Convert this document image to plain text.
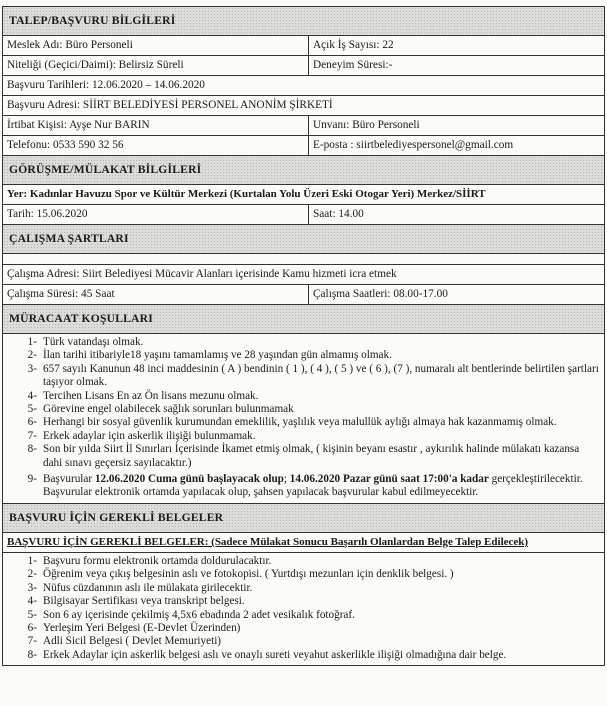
TALEP/BAŞVURU BİLGİLERİ
Meslek Adı: Büro Personeli	Açık İş Sayısı: 22
Niteliği (Geçici/Daimi): Belirsiz Süreli	Deneyim Süresi:-
Başvuru Tarihleri: 12.06.2020 – 14.06.2020
Başvuru Adresi: SİİRT BELEDİYESİ PERSONEL ANONİM ŞİRKETİ
İrtibat Kişisi: Ayşe Nur BARIN	Unvanı: Büro Personeli
Telefonu: 0533 590 32 56	E-posta : siirtbelediyespersonel@gmail.com
GÖRÜŞME/MÜLAKAT BİLGİLERİ
Yer: Kadınlar Havuzu Spor ve Kültür Merkezi (Kurtalan Yolu Üzeri Eski Otogar Yeri) Merkez/SİİRT
Tarih: 15.06.2020	Saat: 14.00
ÇALIŞMA ŞARTLARI
Çalışma Adresi: Siirt Belediyesi Mücavir Alanları içerisinde Kamu hizmeti icra etmek
Çalışma Süresi: 45 Saat	Çalışma Saatleri: 08.00-17.00
MÜRACAAT KOŞULLARI
1- Türk vatandaşı olmak.
2- İlan tarihi itibariyle18 yaşını tamamlamış ve 28 yaşından gün almamış olmak.
3- 657 sayılı Kanunun 48 inci maddesinin ( A ) bendinin ( 1 ), ( 4 ), ( 5 ) ve ( 6 ), (7 ), numaralı alt bentlerinde belirtilen şartları taşıyor olmak.
4- Tercihen Lisans En az Ön lisans mezunu olmak.
5- Görevine engel olabilecek sağlık sorunları bulunmamak
6- Herhangi bir sosyal güvenlik kurumundan emeklilik, yaşlılık veya malullük aylığı almaya hak kazanmamış olmak.
7- Erkek adaylar için askerlik ilişiği bulunmamak.
8- Son bir yılda Siirt İl Sınırları İçerisinde İkamet etmiş olmak, ( kişinin beyanı esastır , aykırılık halinde mülakatı kazansa dahi sınavı geçersiz sayılacaktır.)
9- Başvurular 12.06.2020 Cuma günü başlayacak olup; 14.06.2020 Pazar günü saat 17:00'a kadar gerçekleştirilecektir. Başvurular elektronik ortamda yapılacak olup, şahsen yapılacak başvurular kabul edilmeyecektir.
BAŞVURU İÇİN GEREKLİ BELGELER
BAŞVURU İÇİN GEREKLİ BELGELER: (Sadece Mülakat Sonucu Başarılı Olanlardan Belge Talep Edilecek)
1- Başvuru formu elektronik ortamda doldurulacaktır.
2- Öğrenim veya çıkış belgesinin aslı ve fotokopisi. ( Yurtdışı mezunları için denklik belgesi. )
3- Nüfus cüzdanının aslı ile mülakata girilecektir.
4- Bilgisayar Sertifikası veya transkript belgesi.
5- Son 6 ay içerisinde çekilmiş 4,5x6 ebadında 2 adet vesikalık fotoğraf.
6- Yerleşim Yeri Belgesi (E-Devlet Üzerinden)
7- Adli Sicil Belgesi ( Devlet Memuriyeti)
8- Erkek Adaylar için askerlik belgesi aslı ve onaylı sureti veyahut askerlikle ilişiği olmadığına dair belge.
